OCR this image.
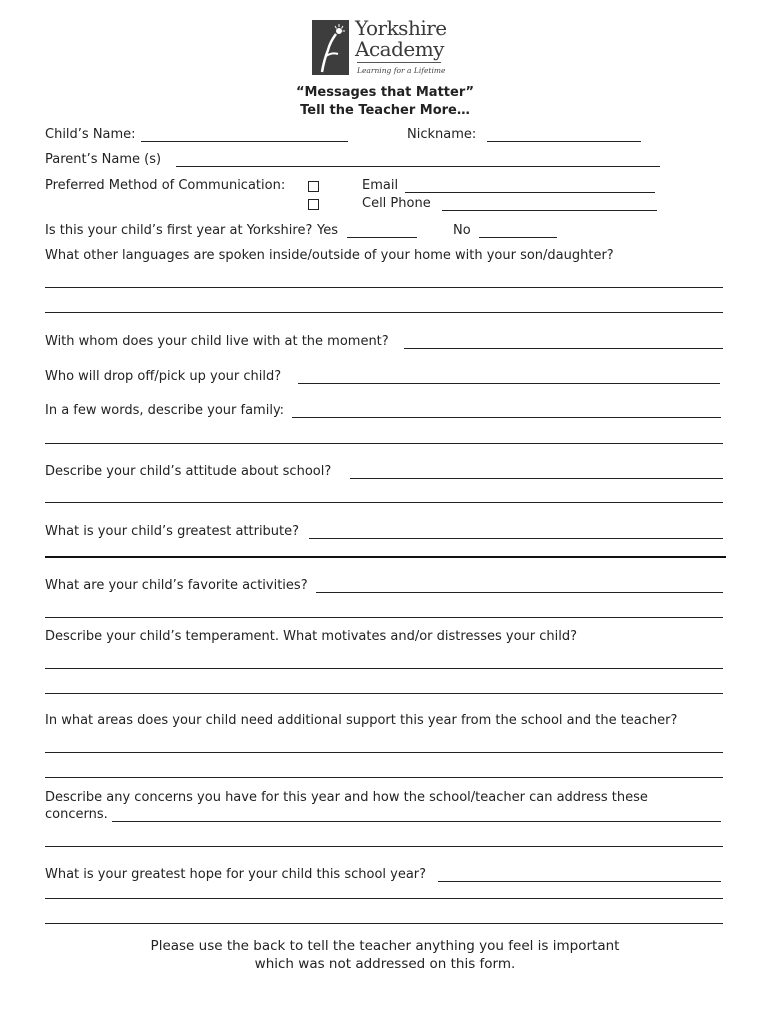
Yorkshire
Academy
Learning for a Lifetime
“Messages that Matter”
Tell the Teacher More…
Child’s Name:	Nickname:
Parent’s Name (s)
Preferred Method of Communication:	Email
Cell Phone
Is this your child’s first year at Yorkshire? Yes	No
What other languages are spoken inside/outside of your home with your son/daughter?
With whom does your child live with at the moment?
Who will drop off/pick up your child?
In a few words, describe your family:
Describe your child’s attitude about school?
What is your child’s greatest attribute?
What are your child’s favorite activities?
Describe your child’s temperament. What motivates and/or distresses your child?
In what areas does your child need additional support this year from the school and the teacher?
Describe any concerns you have for this year and how the school/teacher can address these
concerns.
What is your greatest hope for your child this school year?
Please use the back to tell the teacher anything you feel is important
which was not addressed on this form.
